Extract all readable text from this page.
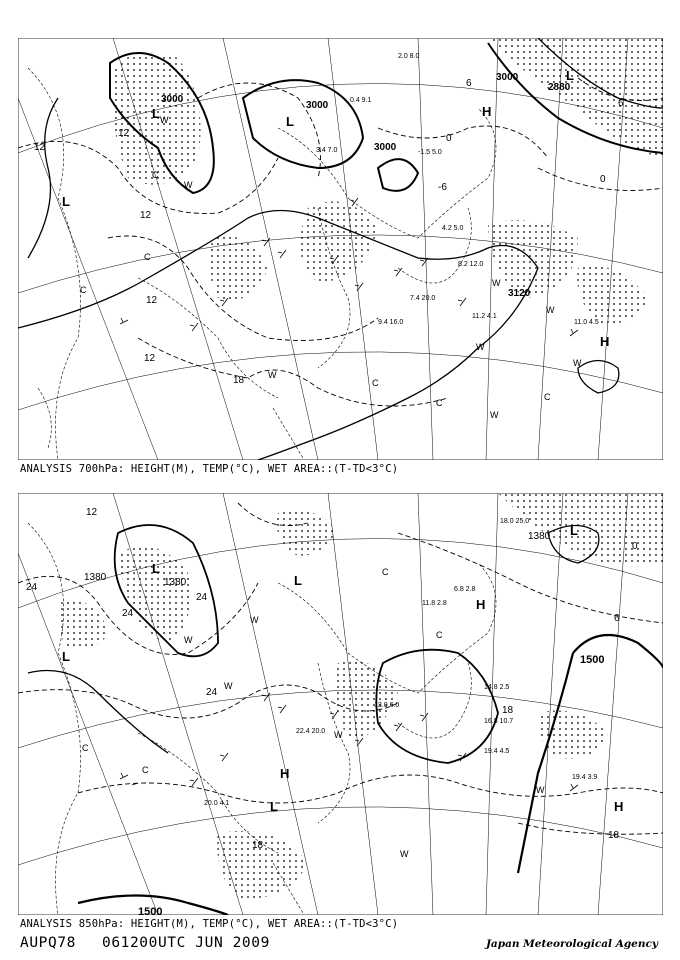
3000
3000
3000
3000
2880
3120
12
12
12
12
12
18
-6
0
0
6
6
L
L
L
L
H
H
W
W
W
W
W
W
W
W
C
C
C
C
C
C
11.0 4.5
11.2 4.1
9.4 16.0
7.4 20.0
8.2 12.0
4.2 5.0
-1.5 5.0
2.0 8.0
3.4 7.0
0.4 9.1
ANALYSIS 700hPa: HEIGHT(M), TEMP(°C), WET AREA::(T-TD<3°C)
1380	1380
1380
1500
1500
24
24
24
24
18
18
18
12
6
0
L
L
L
L
L
H
H
H
W
W
W
W
W
W
C
C
C
C
19.4 3.9
19.4 4.5
20.0 4.1
14.8 2.5
16.8 10.7
11.8 2.8
6.8 2.8
13.0 6.0
22.4 20.0
18.0 25.0
ANALYSIS 850hPa: HEIGHT(M), TEMP(°C), WET AREA::(T-TD<3°C)
AUPQ78 061200UTC JUN 2009	Japan Meteorological Agency
